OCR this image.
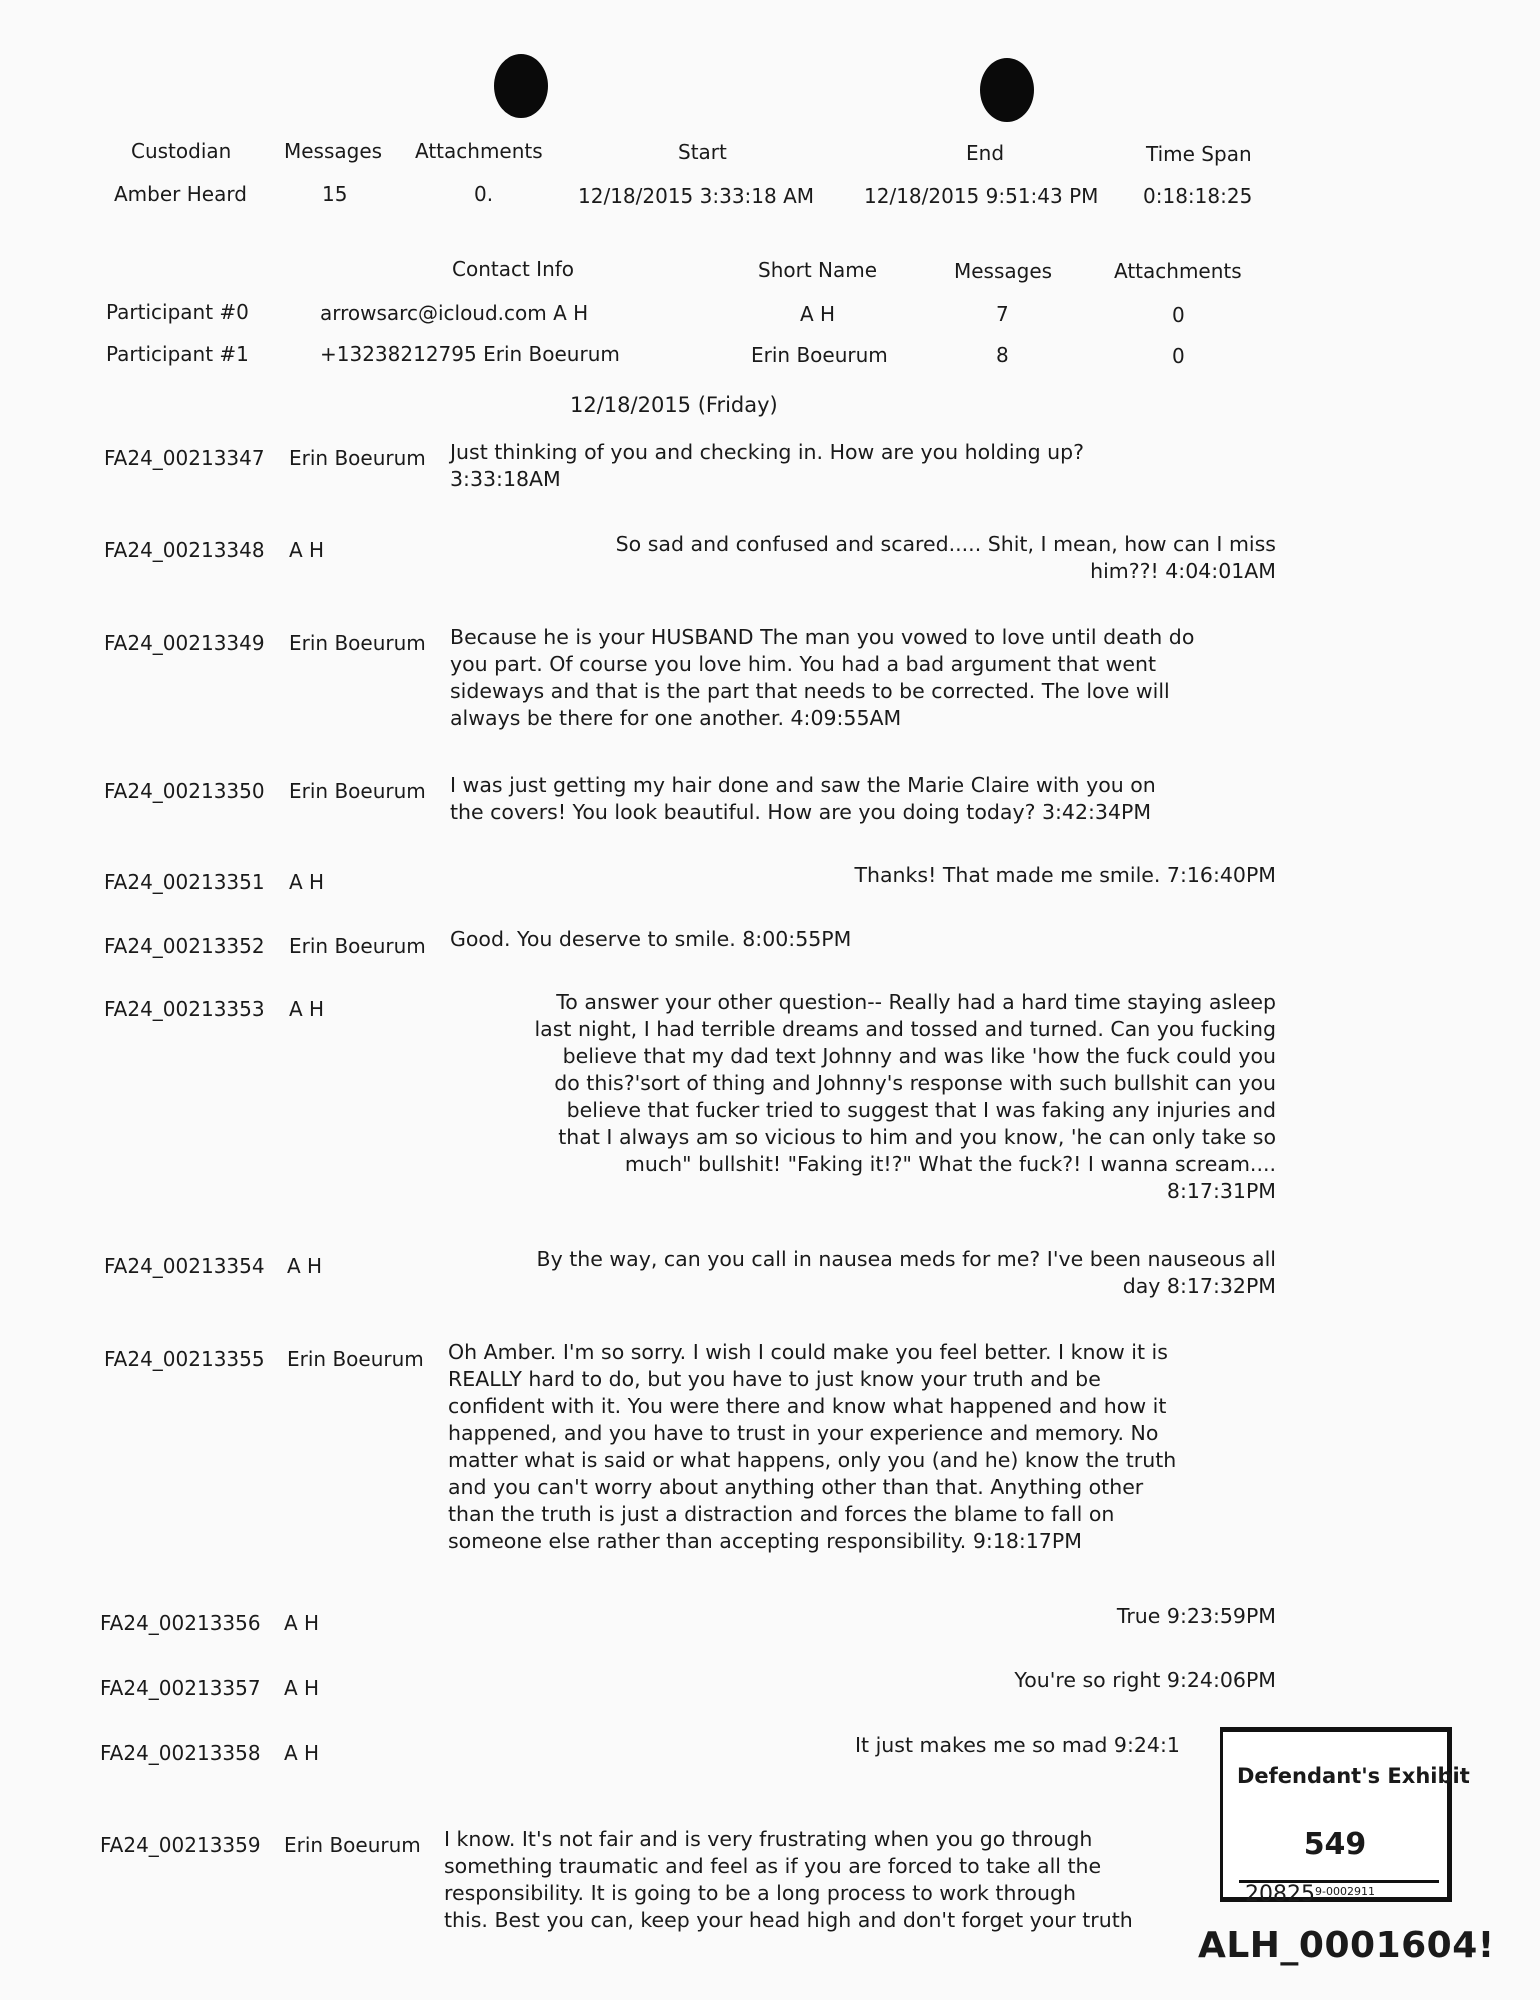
Custodian	Messages Attachments	Start	End	Time Span
Amber Heard	15	0.	12/18/2015 3:33:18 AM 12/18/2015 9:51:43 PM 0:18:18:25
Contact Info	Short Name	Messages	Attachments
Participant #0	arrowsarc@icloud.com A H	A H	7	0
Participant #1	+13238212795 Erin Boeurum	Erin Boeurum	8	0
12/18/2015 (Friday)
FA24_00213347 Erin Boeurum Just thinking of you and checking in. How are you holding up?
3:33:18AM
FA24_00213348 A H	So sad and confused and scared..... Shit, I mean, how can I miss
him??! 4:04:01AM
FA24_00213349 Erin Boeurum Because he is your HUSBAND The man you vowed to love until death do
you part. Of course you love him. You had a bad argument that went
sideways and that is the part that needs to be corrected. The love will
always be there for one another. 4:09:55AM
FA24_00213350 Erin Boeurum I was just getting my hair done and saw the Marie Claire with you on
the covers! You look beautiful. How are you doing today? 3:42:34PM
FA24_00213351 A H	Thanks! That made me smile. 7:16:40PM
FA24_00213352 Erin Boeurum Good. You deserve to smile. 8:00:55PM
FA24_00213353 A H	To answer your other question-- Really had a hard time staying asleep
last night, I had terrible dreams and tossed and turned. Can you fucking
believe that my dad text Johnny and was like 'how the fuck could you
do this?'sort of thing and Johnny's response with such bullshit can you
believe that fucker tried to suggest that I was faking any injuries and
that I always am so vicious to him and you know, 'he can only take so
much" bullshit! "Faking it!?" What the fuck?! I wanna scream....
8:17:31PM
FA24_00213354 A H	By the way, can you call in nausea meds for me? I've been nauseous all
day 8:17:32PM
FA24_00213355 Erin Boeurum Oh Amber. I'm so sorry. I wish I could make you feel better. I know it is
REALLY hard to do, but you have to just know your truth and be
confident with it. You were there and know what happened and how it
happened, and you have to trust in your experience and memory. No
matter what is said or what happens, only you (and he) know the truth
and you can't worry about anything other than that. Anything other
than the truth is just a distraction and forces the blame to fall on
someone else rather than accepting responsibility. 9:18:17PM
FA24_00213356 A H	True 9:23:59PM
FA24_00213357 A H	You're so right 9:24:06PM
FA24_00213358 A H	It just makes me so mad 9:24:1
FA24_00213359 Erin Boeurum I know. It's not fair and is very frustrating when you go through
something traumatic and feel as if you are forced to take all the
responsibility. It is going to be a long process to work through
this. Best you can, keep your head high and don't forget your truth
Defendant's Exhibit
549
20825 9-0002911
ALH_0001604!
